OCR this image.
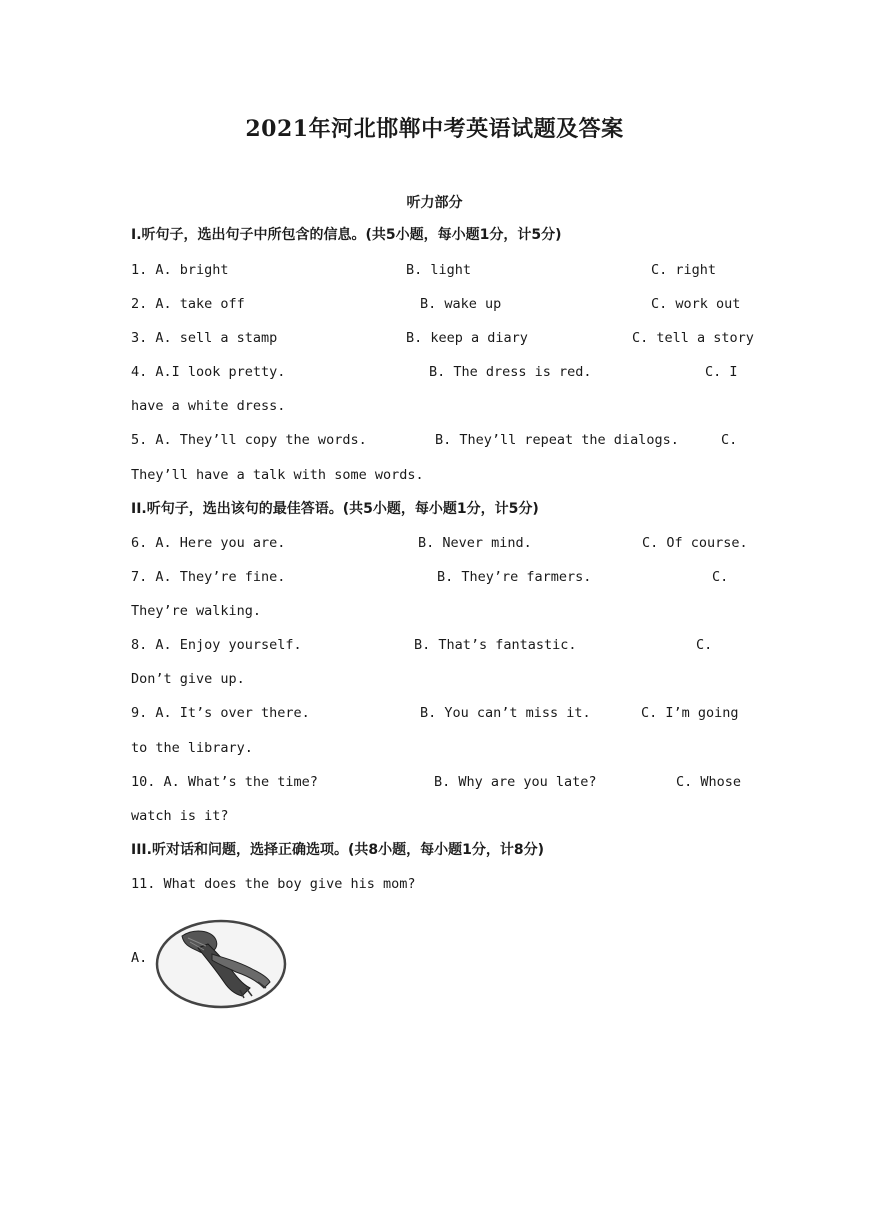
2021年河北邯郸中考英语试题及答案
听力部分
I.听句子，选出句子中所包含的信息。(共5小题，每小题1分，计5分)
1. A. bright	B. light	C. right
2. A. take off	B. wake up	C. work out
3. A. sell a stamp	B. keep a diary	C. tell a story
4. A.I look pretty.	B. The dress is red.	C. I
have a white dress.
5. A. They’ll copy the words.	B. They’ll repeat the dialogs.	C.
They’ll have a talk with some words.
II.听句子，选出该句的最佳答语。(共5小题，每小题1分，计5分)
6. A. Here you are.	B. Never mind.	C. Of course.
7. A. They’re fine.	B. They’re farmers.	C.
They’re walking.
8. A. Enjoy yourself.	B. That’s fantastic.	C.
Don’t give up.
9. A. It’s over there.	B. You can’t miss it.	C. I’m going
to the library.
10. A. What’s the time?	B. Why are you late?	C. Whose
watch is it?
III.听对话和问题，选择正确选项。(共8小题，每小题1分，计8分)
11. What does the boy give his mom?
A.
